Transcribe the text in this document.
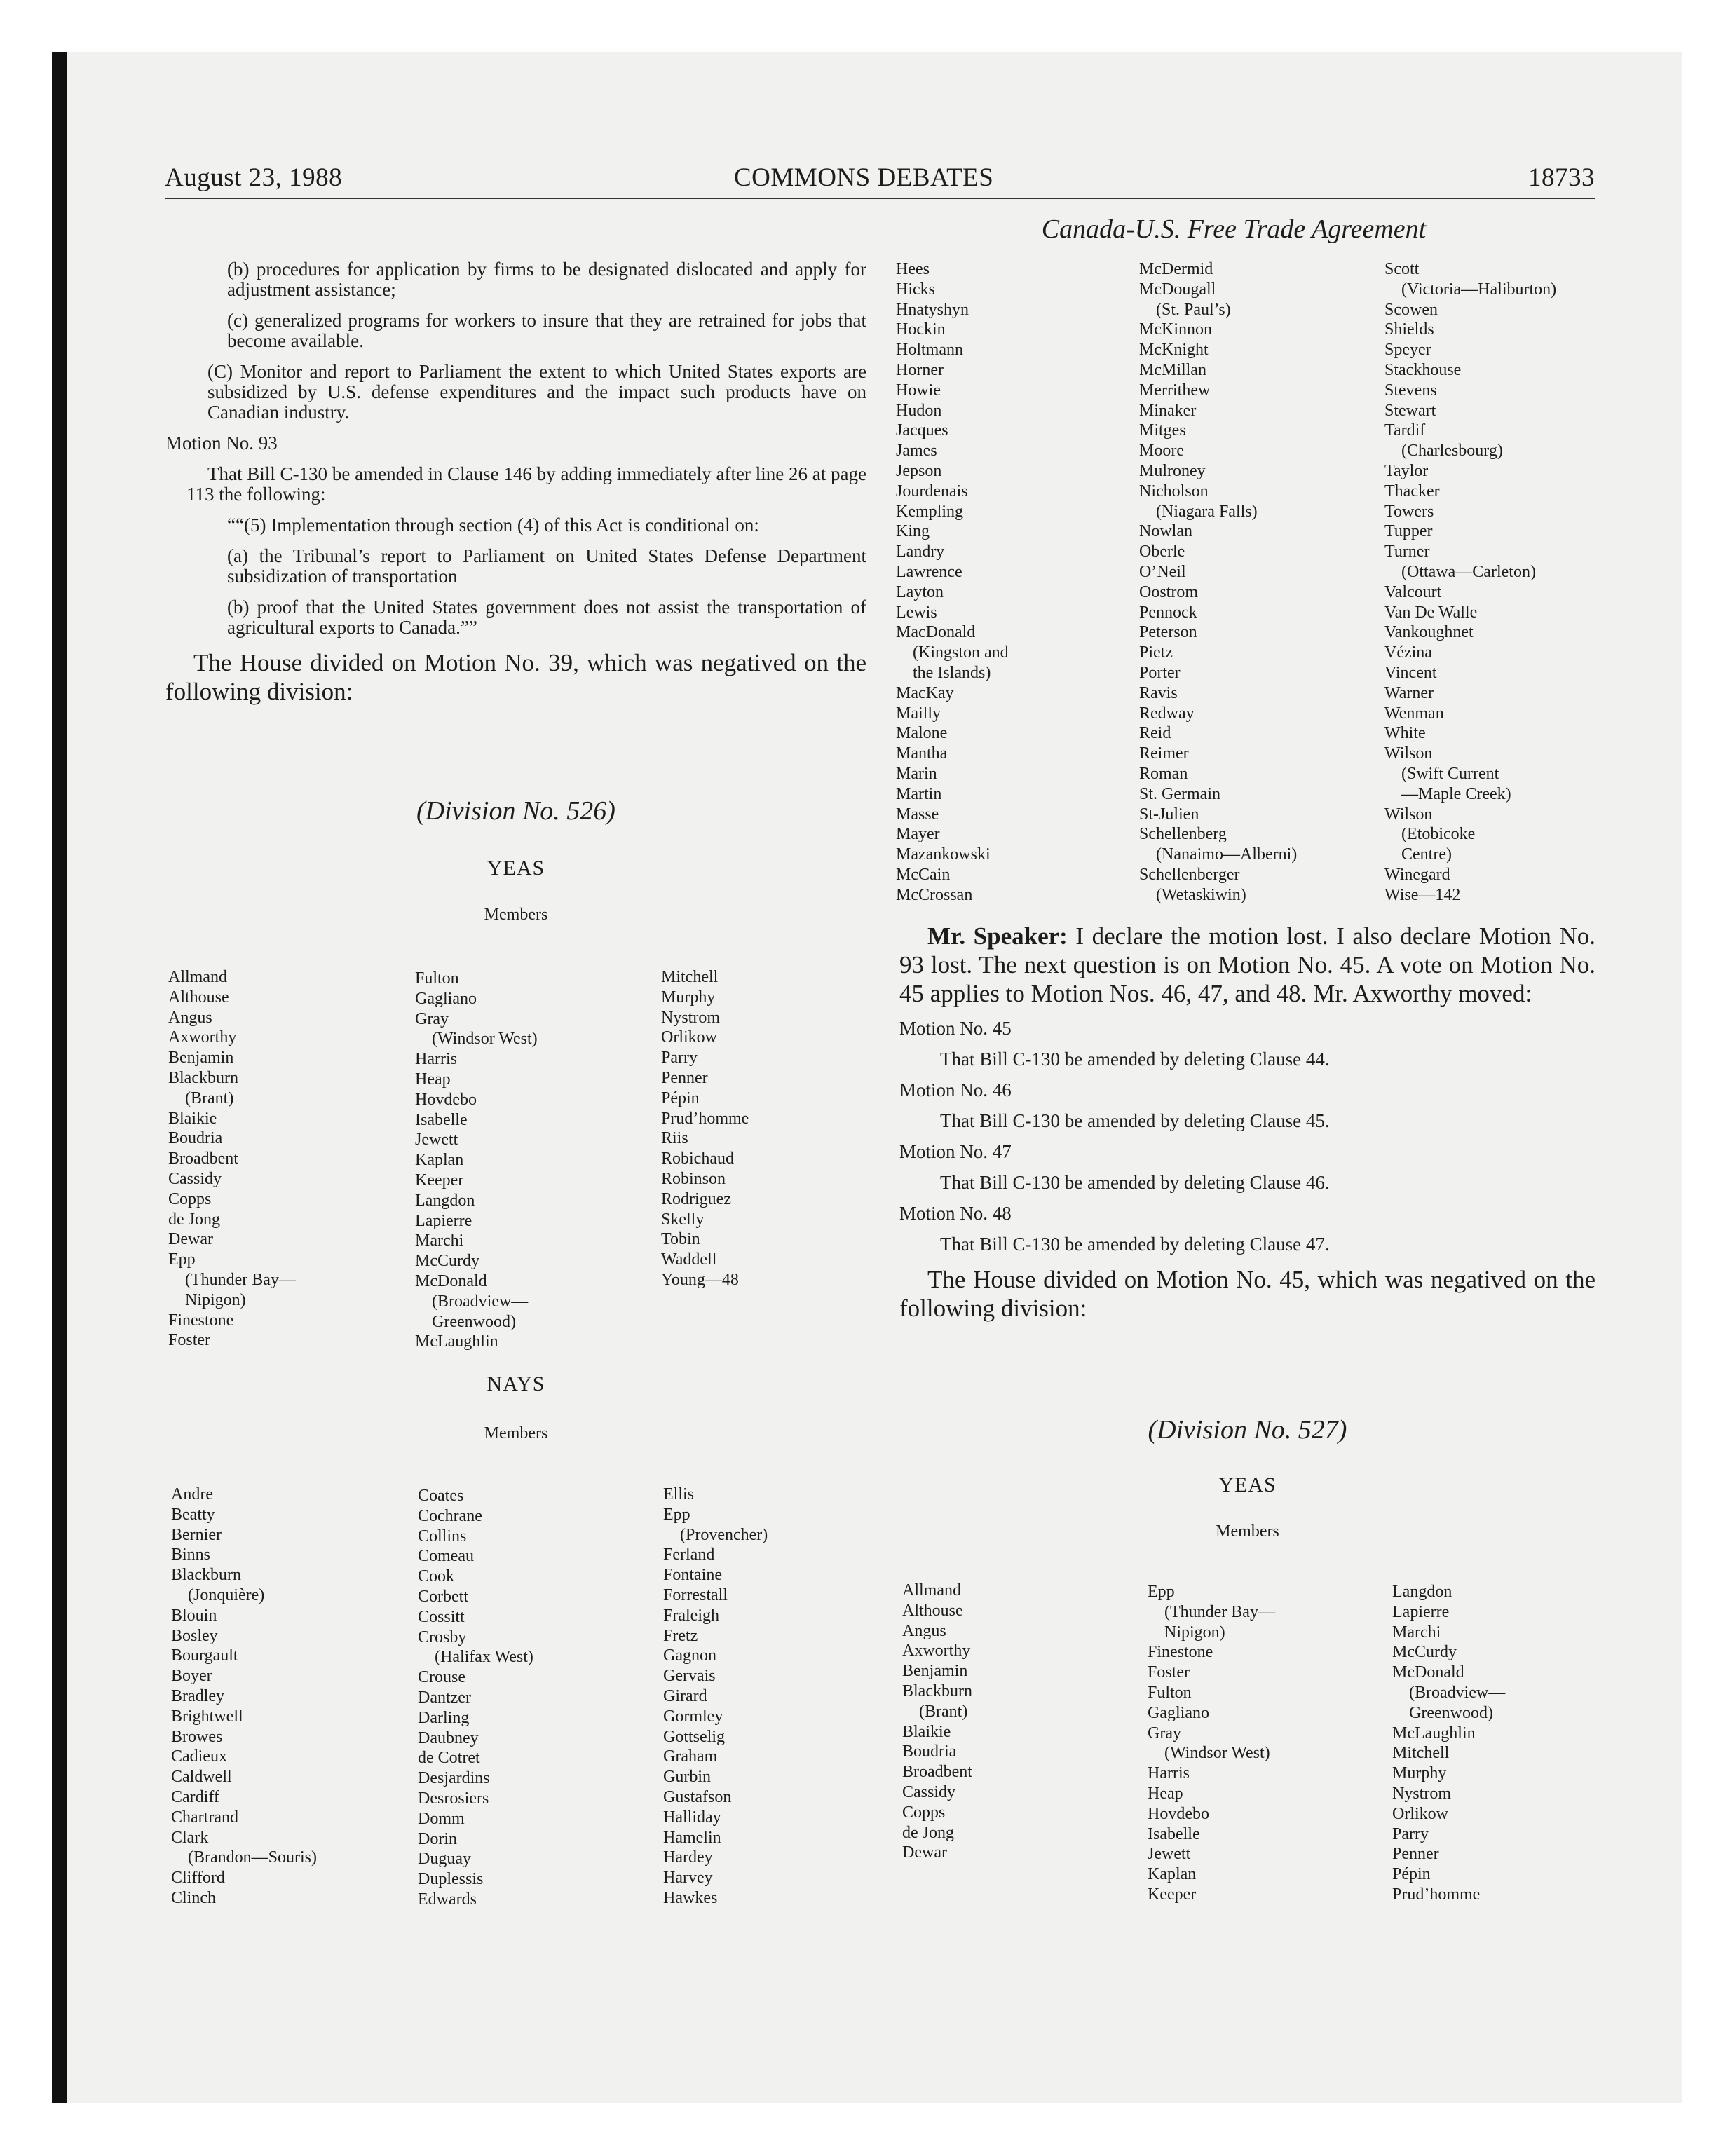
August 23, 1988	COMMONS DEBATES	18733
Canada-U.S. Free Trade Agreement

(b) procedures for application by firms to be designated dislocated and apply for adjustment assistance;

(c) generalized programs for workers to insure that they are retrained for jobs that become available.

(C) Monitor and report to Parliament the extent to which United States exports are subsidized by U.S. defense expenditures and the impact such products have on Canadian industry.

Motion No. 93

That Bill C-130 be amended in Clause 146 by adding immediately after line 26 at page 113 the following:

““(5) Implementation through section (4) of this Act is conditional on:

(a) the Tribunal’s report to Parliament on United States Defense Department subsidization of transportation

(b) proof that the United States government does not assist the transportation of agricultural exports to Canada.””

The House divided on Motion No. 39, which was negatived on the following division:

(Division No. 526)
YEAS
Members
Allmand
Althouse
Angus
Axworthy
Benjamin
Blackburn
(Brant)
Blaikie
Boudria
Broadbent
Cassidy
Copps
de Jong
Dewar
Epp
(Thunder Bay—
Nipigon)
Finestone
Foster
Fulton
Gagliano
Gray
(Windsor West)
Harris
Heap
Hovdebo
Isabelle
Jewett
Kaplan
Keeper
Langdon
Lapierre
Marchi
McCurdy
McDonald
(Broadview—
Greenwood)
McLaughlin
Mitchell
Murphy
Nystrom
Orlikow
Parry
Penner
Pépin
Prud’homme
Riis
Robichaud
Robinson
Rodriguez
Skelly
Tobin
Waddell
Young—48
NAYS
Members
Andre
Beatty
Bernier
Binns
Blackburn
(Jonquière)
Blouin
Bosley
Bourgault
Boyer
Bradley
Brightwell
Browes
Cadieux
Caldwell
Cardiff
Chartrand
Clark
(Brandon—Souris)
Clifford
Clinch
Coates
Cochrane
Collins
Comeau
Cook
Corbett
Cossitt
Crosby
(Halifax West)
Crouse
Dantzer
Darling
Daubney
de Cotret
Desjardins
Desrosiers
Domm
Dorin
Duguay
Duplessis
Edwards
Ellis
Epp
(Provencher)
Ferland
Fontaine
Forrestall
Fraleigh
Fretz
Gagnon
Gervais
Girard
Gormley
Gottselig
Graham
Gurbin
Gustafson
Halliday
Hamelin
Hardey
Harvey
Hawkes
Hees
Hicks
Hnatyshyn
Hockin
Holtmann
Horner
Howie
Hudon
Jacques
James
Jepson
Jourdenais
Kempling
King
Landry
Lawrence
Layton
Lewis
MacDonald
(Kingston and
the Islands)
MacKay
Mailly
Malone
Mantha
Marin
Martin
Masse
Mayer
Mazankowski
McCain
McCrossan
McDermid
McDougall
(St. Paul’s)
McKinnon
McKnight
McMillan
Merrithew
Minaker
Mitges
Moore
Mulroney
Nicholson
(Niagara Falls)
Nowlan
Oberle
O’Neil
Oostrom
Pennock
Peterson
Pietz
Porter
Ravis
Redway
Reid
Reimer
Roman
St. Germain
St-Julien
Schellenberg
(Nanaimo—Alberni)
Schellenberger
(Wetaskiwin)
Scott
(Victoria—Haliburton)
Scowen
Shields
Speyer
Stackhouse
Stevens
Stewart
Tardif
(Charlesbourg)
Taylor
Thacker
Towers
Tupper
Turner
(Ottawa—Carleton)
Valcourt
Van De Walle
Vankoughnet
Vézina
Vincent
Warner
Wenman
White
Wilson
(Swift Current
—Maple Creek)
Wilson
(Etobicoke
Centre)
Winegard
Wise—142

Mr. Speaker: I declare the motion lost. I also declare Motion No. 93 lost. The next question is on Motion No. 45. A vote on Motion No. 45 applies to Motion Nos. 46, 47, and 48. Mr. Axworthy moved:

Motion No. 45

That Bill C-130 be amended by deleting Clause 44.

Motion No. 46

That Bill C-130 be amended by deleting Clause 45.

Motion No. 47

That Bill C-130 be amended by deleting Clause 46.

Motion No. 48

That Bill C-130 be amended by deleting Clause 47.

The House divided on Motion No. 45, which was negatived on the following division:

(Division No. 527)
YEAS
Members
Allmand
Althouse
Angus
Axworthy
Benjamin
Blackburn
(Brant)
Blaikie
Boudria
Broadbent
Cassidy
Copps
de Jong
Dewar
Epp
(Thunder Bay—
Nipigon)
Finestone
Foster
Fulton
Gagliano
Gray
(Windsor West)
Harris
Heap
Hovdebo
Isabelle
Jewett
Kaplan
Keeper
Langdon
Lapierre
Marchi
McCurdy
McDonald
(Broadview—
Greenwood)
McLaughlin
Mitchell
Murphy
Nystrom
Orlikow
Parry
Penner
Pépin
Prud’homme
